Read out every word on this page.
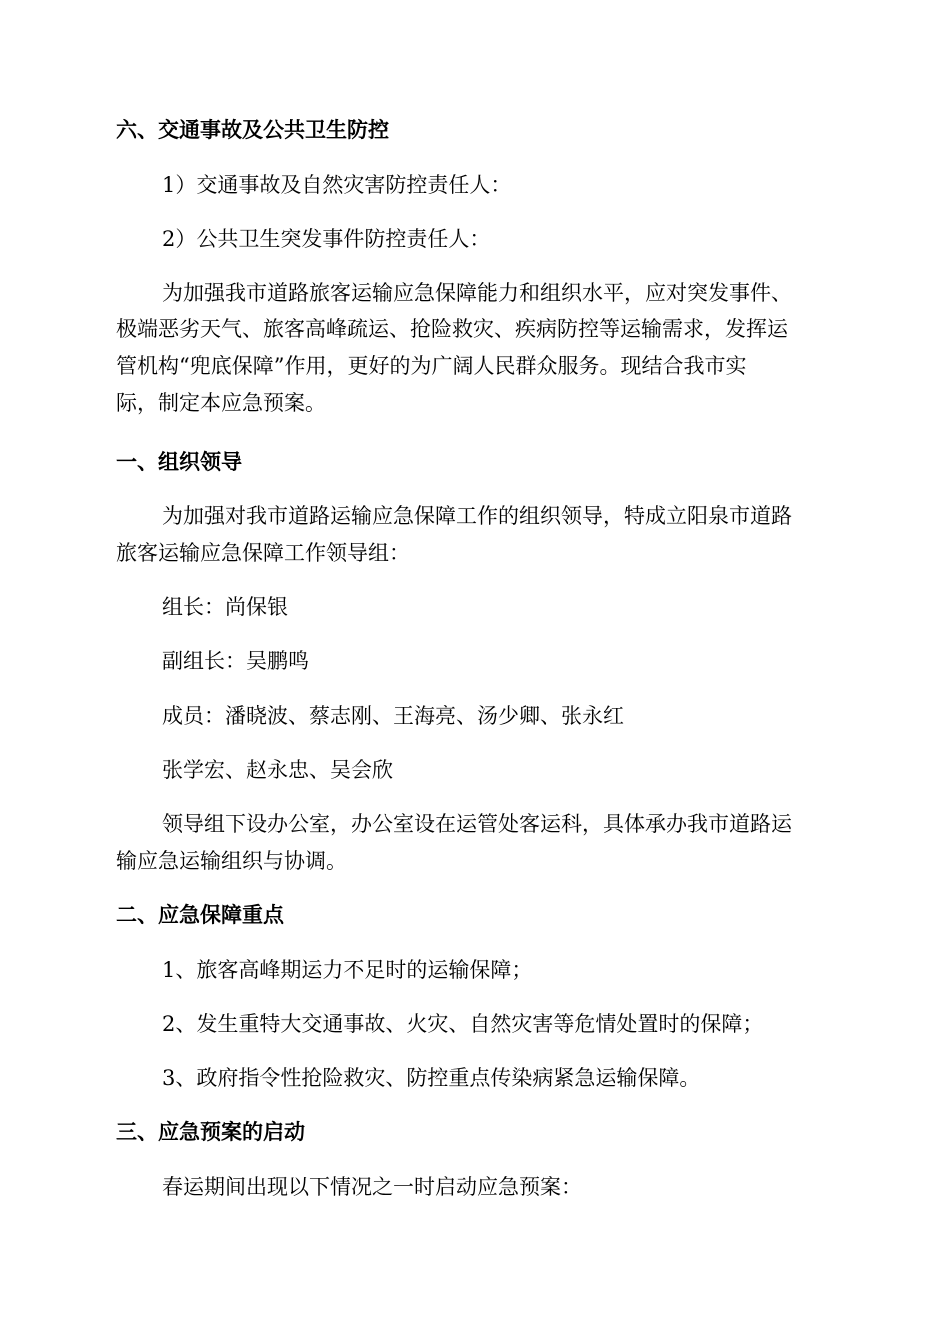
六、交通事故及公共卫生防控

1）交通事故及自然灾害防控责任人：

2）公共卫生突发事件防控责任人：

为加强我市道路旅客运输应急保障能力和组织水平，应对突发事件、

极端恶劣天气、旅客高峰疏运、抢险救灾、疾病防控等运输需求，发挥运

管机构“兜底保障”作用，更好的为广阔人民群众服务。现结合我市实

际，制定本应急预案。

一、组织领导

为加强对我市道路运输应急保障工作的组织领导，特成立阳泉市道路

旅客运输应急保障工作领导组：

组长：尚保银

副组长：吴鹏鸣

成员：潘晓波、蔡志刚、王海亮、汤少卿、张永红

张学宏、赵永忠、吴会欣

领导组下设办公室，办公室设在运管处客运科，具体承办我市道路运

输应急运输组织与协调。

二、应急保障重点

1、旅客高峰期运力不足时的运输保障；

2、发生重特大交通事故、火灾、自然灾害等危情处置时的保障；

3、政府指令性抢险救灾、防控重点传染病紧急运输保障。

三、应急预案的启动

春运期间出现以下情况之一时启动应急预案：
